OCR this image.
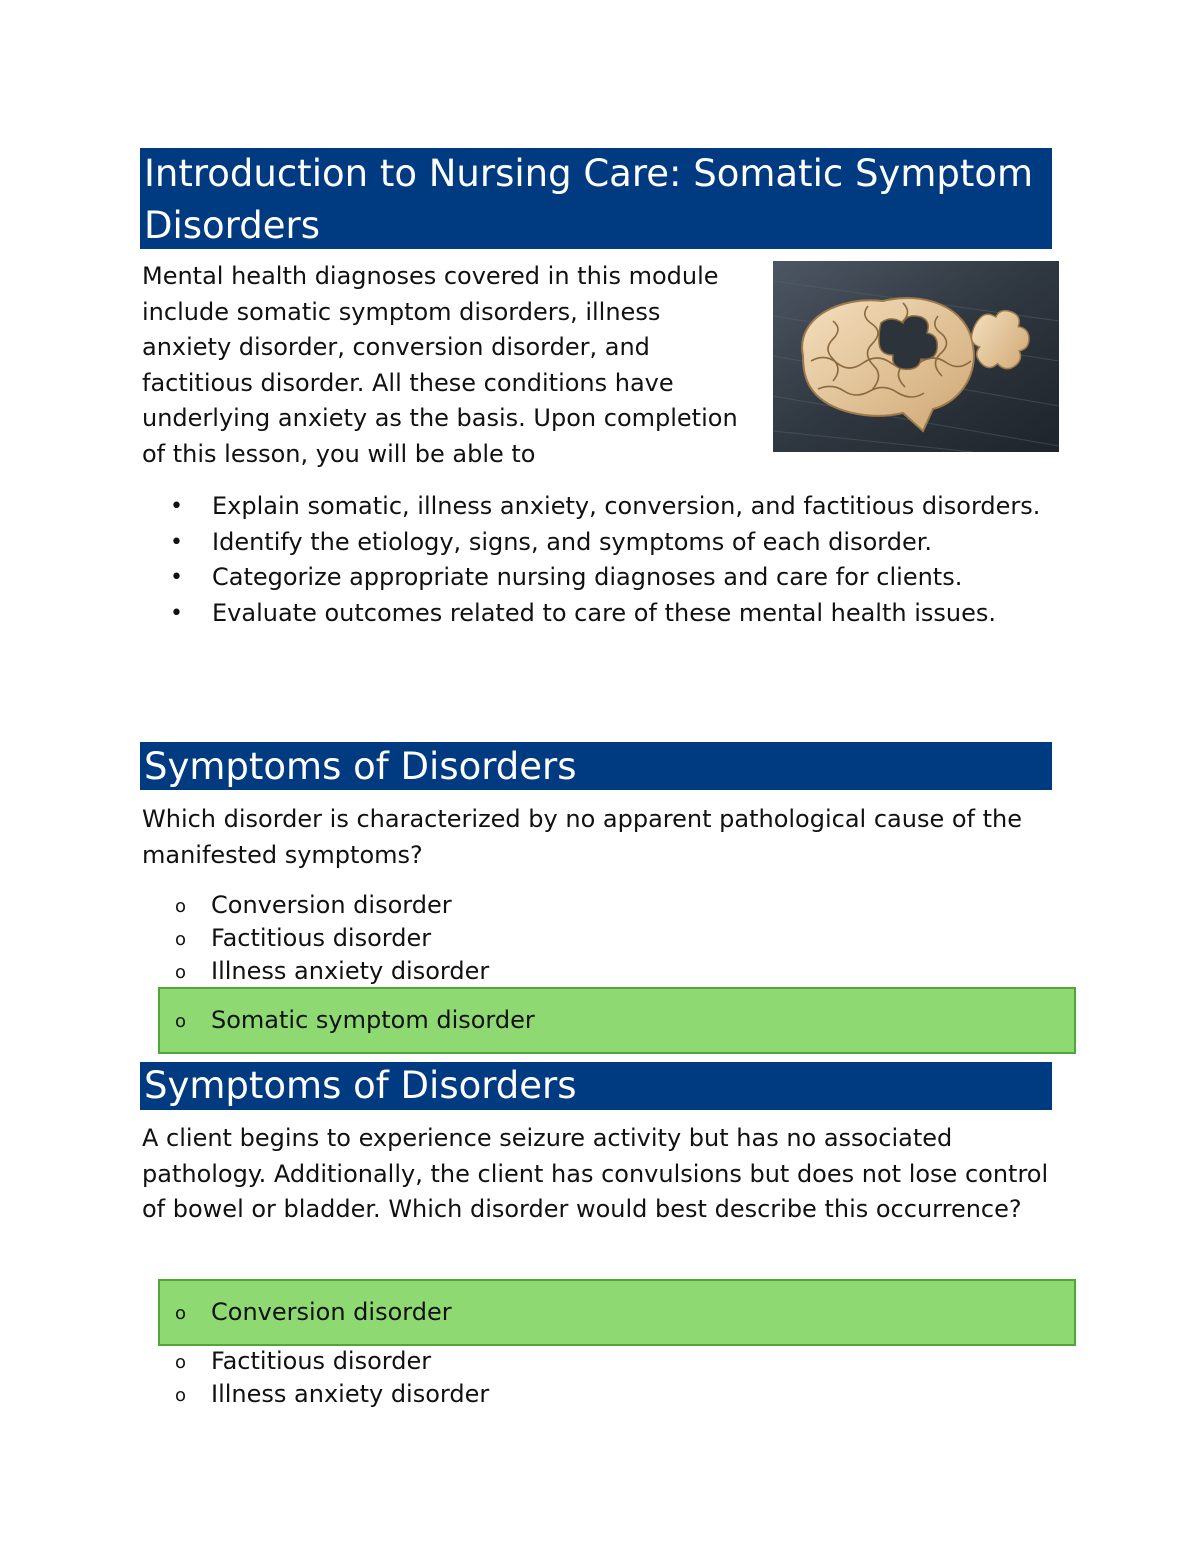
Introduction to Nursing Care: Somatic Symptom Disorders

Mental health diagnoses covered in this module include somatic symptom disorders, illness anxiety disorder, conversion disorder, and factitious disorder. All these conditions have underlying anxiety as the basis. Upon completion of this lesson, you will be able to

• Explain somatic, illness anxiety, conversion, and factitious disorders.
• Identify the etiology, signs, and symptoms of each disorder.
• Categorize appropriate nursing diagnoses and care for clients.
• Evaluate outcomes related to care of these mental health issues.
Symptoms of Disorders

Which disorder is characterized by no apparent pathological cause of the manifested symptoms?

o Conversion disorder
o Factitious disorder
o Illness anxiety disorder
o Somatic symptom disorder
Symptoms of Disorders

A client begins to experience seizure activity but has no associated pathology. Additionally, the client has convulsions but does not lose control of bowel or bladder. Which disorder would best describe this occurrence?

o Conversion disorder
o Factitious disorder
o Illness anxiety disorder
